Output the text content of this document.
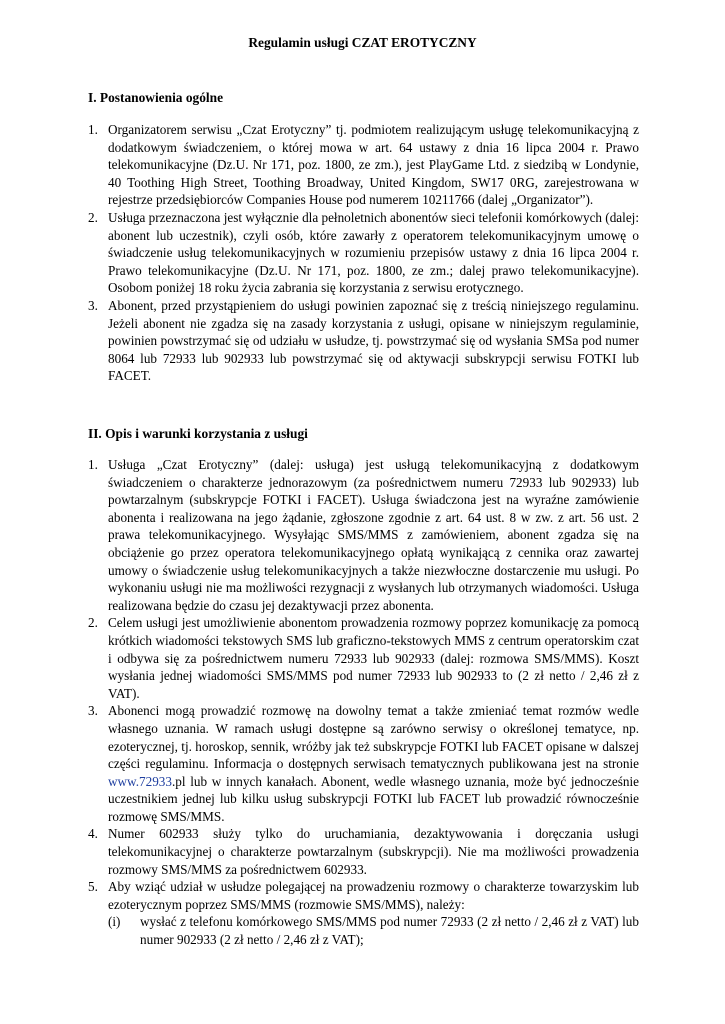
Regulamin usługi CZAT EROTYCZNY
I. Postanowienia ogólne
1. Organizatorem serwisu „Czat Erotyczny” tj. podmiotem realizującym usługę telekomunikacyjną z dodatkowym świadczeniem, o której mowa w art. 64 ustawy z dnia 16 lipca 2004 r. Prawo telekomunikacyjne (Dz.U. Nr 171, poz. 1800, ze zm.), jest PlayGame Ltd. z siedzibą w Londynie, 40 Toothing High Street, Toothing Broadway, United Kingdom, SW17 0RG, zarejestrowana w rejestrze przedsiębiorców Companies House pod numerem 10211766 (dalej „Organizator”).
2. Usługa przeznaczona jest wyłącznie dla pełnoletnich abonentów sieci telefonii komórkowych (dalej: abonent lub uczestnik), czyli osób, które zawarły z operatorem telekomunikacyjnym umowę o świadczenie usług telekomunikacyjnych w rozumieniu przepisów ustawy z dnia 16 lipca 2004 r. Prawo telekomunikacyjne (Dz.U. Nr 171, poz. 1800, ze zm.; dalej prawo telekomunikacyjne). Osobom poniżej 18 roku życia zabrania się korzystania z serwisu erotycznego.
3. Abonent, przed przystąpieniem do usługi powinien zapoznać się z treścią niniejszego regulaminu. Jeżeli abonent nie zgadza się na zasady korzystania z usługi, opisane w niniejszym regulaminie, powinien powstrzymać się od udziału w usłudze, tj. powstrzymać się od wysłania SMSa pod numer 8064 lub 72933 lub 902933 lub powstrzymać się od aktywacji subskrypcji serwisu FOTKI lub FACET.
II. Opis i warunki korzystania z usługi
1. Usługa „Czat Erotyczny” (dalej: usługa) jest usługą telekomunikacyjną z dodatkowym świadczeniem o charakterze jednorazowym (za pośrednictwem numeru 72933 lub 902933) lub powtarzalnym (subskrypcje FOTKI i FACET). Usługa świadczona jest na wyraźne zamówienie abonenta i realizowana na jego żądanie, zgłoszone zgodnie z art. 64 ust. 8 w zw. z art. 56 ust. 2 prawa telekomunikacyjnego. Wysyłając SMS/MMS z zamówieniem, abonent zgadza się na obciążenie go przez operatora telekomunikacyjnego opłatą wynikającą z cennika oraz zawartej umowy o świadczenie usług telekomunikacyjnych a także niezwłoczne dostarczenie mu usługi. Po wykonaniu usługi nie ma możliwości rezygnacji z wysłanych lub otrzymanych wiadomości. Usługa realizowana będzie do czasu jej dezaktywacji przez abonenta.
2. Celem usługi jest umożliwienie abonentom prowadzenia rozmowy poprzez komunikację za pomocą krótkich wiadomości tekstowych SMS lub graficzno-tekstowych MMS z centrum operatorskim czat i odbywa się za pośrednictwem numeru 72933 lub 902933 (dalej: rozmowa SMS/MMS). Koszt wysłania jednej wiadomości SMS/MMS pod numer 72933 lub 902933 to (2 zł netto / 2,46 zł z VAT).
3. Abonenci mogą prowadzić rozmowę na dowolny temat a także zmieniać temat rozmów wedle własnego uznania. W ramach usługi dostępne są zarówno serwisy o określonej tematyce, np. ezoterycznej, tj. horoskop, sennik, wróżby jak też subskrypcje FOTKI lub FACET opisane w dalszej części regulaminu. Informacja o dostępnych serwisach tematycznych publikowana jest na stronie www.72933.pl lub w innych kanałach. Abonent, wedle własnego uznania, może być jednocześnie uczestnikiem jednej lub kilku usług subskrypcji FOTKI lub FACET lub prowadzić równocześnie rozmowę SMS/MMS.
4. Numer 602933 służy tylko do uruchamiania, dezaktywowania i doręczania usługi telekomunikacyjnej o charakterze powtarzalnym (subskrypcji). Nie ma możliwości prowadzenia rozmowy SMS/MMS za pośrednictwem 602933.
5. Aby wziąć udział w usłudze polegającej na prowadzeniu rozmowy o charakterze towarzyskim lub ezoterycznym poprzez SMS/MMS (rozmowie SMS/MMS), należy:
(i) wysłać z telefonu komórkowego SMS/MMS pod numer 72933 (2 zł netto / 2,46 zł z VAT) lub numer 902933 (2 zł netto / 2,46 zł z VAT);
